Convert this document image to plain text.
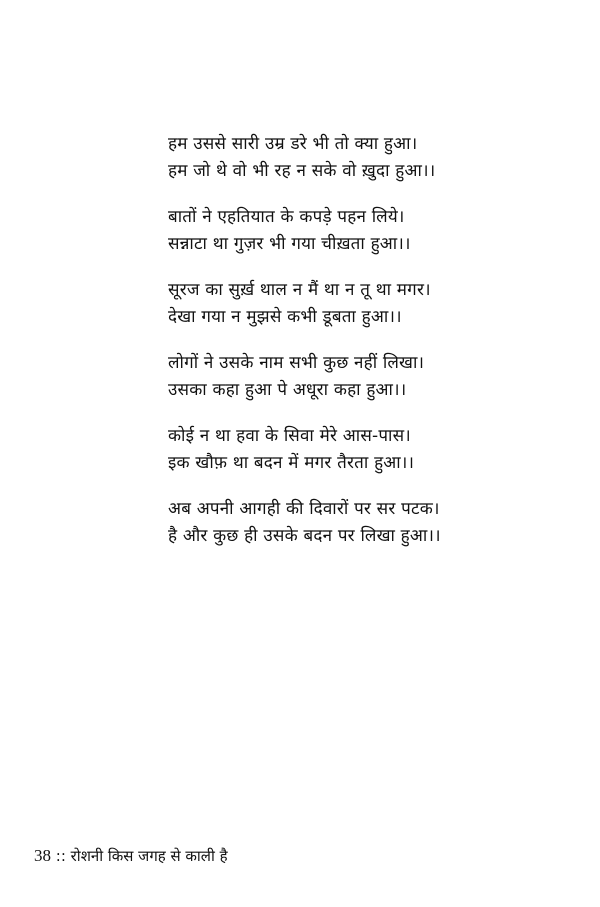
हम उससे सारी उम्र डरे भी तो क्या हुआ।
हम जो थे वो भी रह न सके वो ख़ुदा हुआ।।
बातों ने एहतियात के कपड़े पहन लिये।
सन्नाटा था गुज़र भी गया चीख़ता हुआ।।
सूरज का सुर्ख़ थाल न मैं था न तू था मगर।
देखा गया न मुझसे कभी डूबता हुआ।।
लोगों ने उसके नाम सभी कुछ नहीं लिखा।
उसका कहा हुआ पे अधूरा कहा हुआ।।
कोई न था हवा के सिवा मेरे आस-पास।
इक खौफ़ था बदन में मगर तैरता हुआ।।
अब अपनी आगही की दिवारों पर सर पटक।
है और कुछ ही उसके बदन पर लिखा हुआ।।
38 :: रोशनी किस जगह से काली है
